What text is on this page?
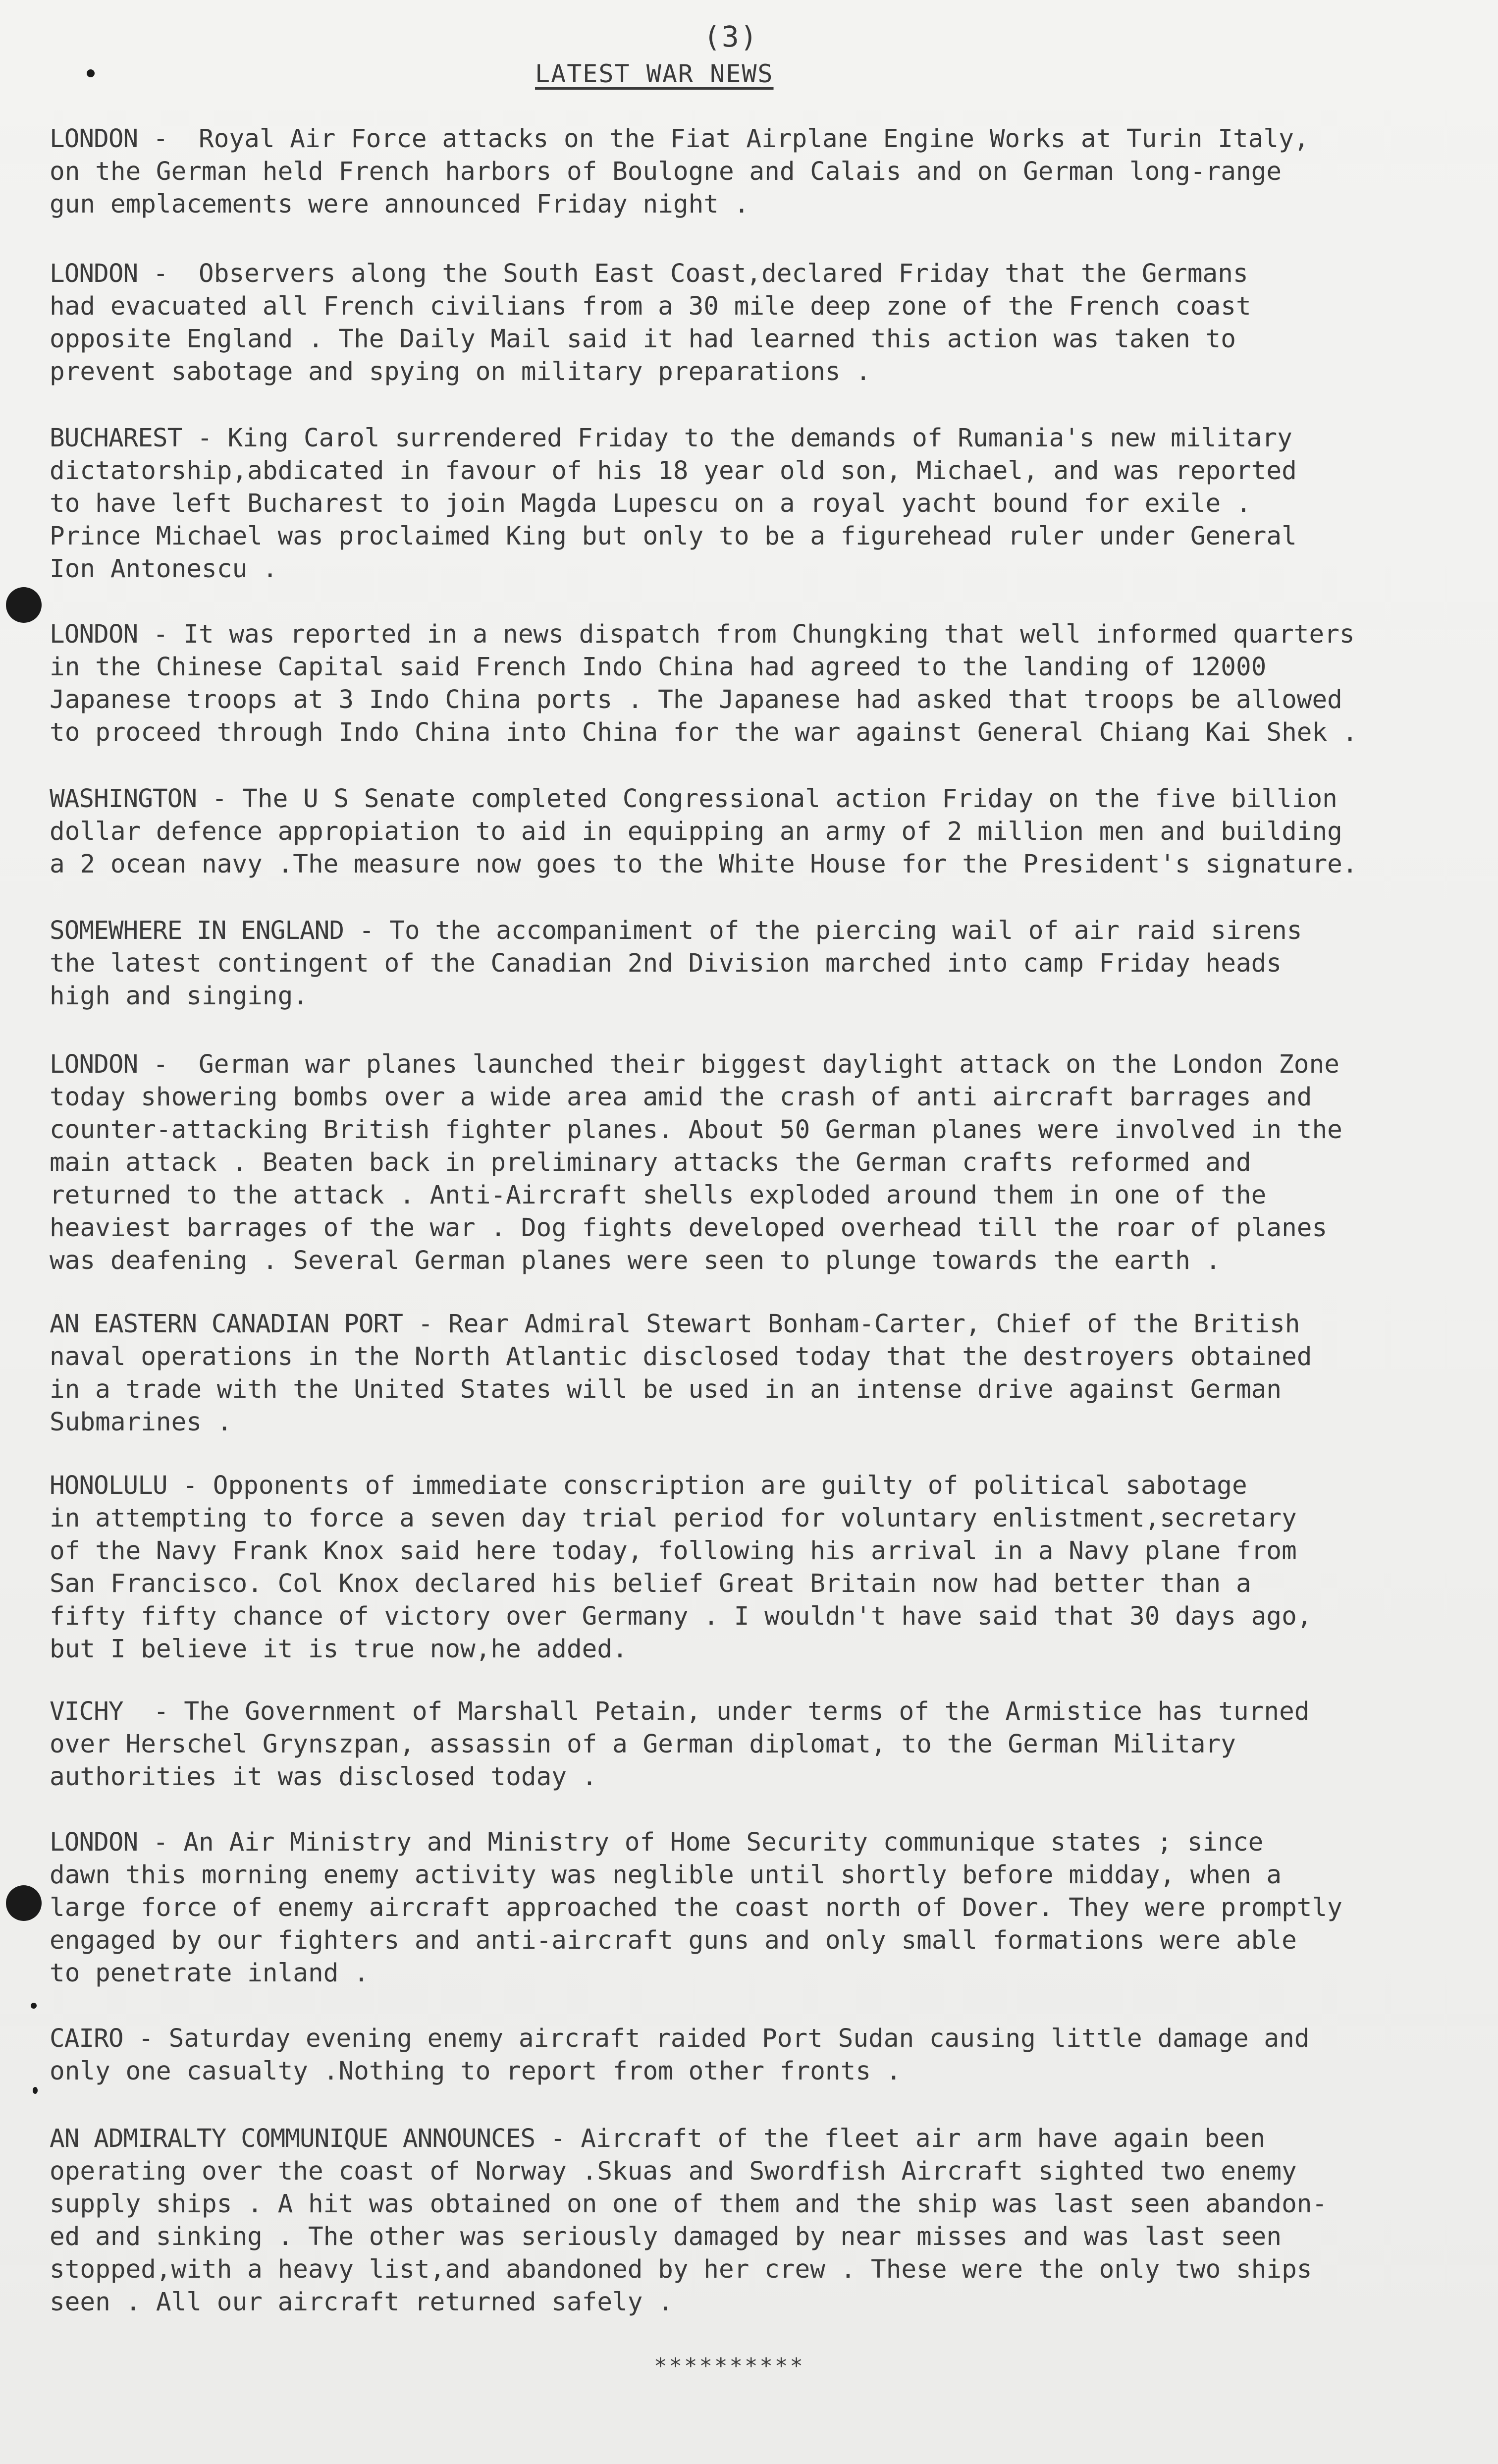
(3)
LATEST WAR NEWS

LONDON -  Royal Air Force attacks on the Fiat Airplane Engine Works at Turin Italy,
on the German held French harbors of Boulogne and Calais and on German long-range
gun emplacements were announced Friday night .

LONDON -  Observers along the South East Coast,declared Friday that the Germans
had evacuated all French civilians from a 30 mile deep zone of the French coast
opposite England . The Daily Mail said it had learned this action was taken to
prevent sabotage and spying on military preparations .

BUCHAREST - King Carol surrendered Friday to the demands of Rumania's new military
dictatorship,abdicated in favour of his 18 year old son, Michael, and was reported
to have left Bucharest to join Magda Lupescu on a royal yacht bound for exile .
Prince Michael was proclaimed King but only to be a figurehead ruler under General
Ion Antonescu .

LONDON - It was reported in a news dispatch from Chungking that well informed quarters
in the Chinese Capital said French Indo China had agreed to the landing of 12000
Japanese troops at 3 Indo China ports . The Japanese had asked that troops be allowed
to proceed through Indo China into China for the war against General Chiang Kai Shek .

WASHINGTON - The U S Senate completed Congressional action Friday on the five billion
dollar defence appropiation to aid in equipping an army of 2 million men and building
a 2 ocean navy .The measure now goes to the White House for the President's signature.

SOMEWHERE IN ENGLAND - To the accompaniment of the piercing wail of air raid sirens
the latest contingent of the Canadian 2nd Division marched into camp Friday heads
high and singing.

LONDON -  German war planes launched their biggest daylight attack on the London Zone
today showering bombs over a wide area amid the crash of anti aircraft barrages and
counter-attacking British fighter planes. About 50 German planes were involved in the
main attack . Beaten back in preliminary attacks the German crafts reformed and
returned to the attack . Anti-Aircraft shells exploded around them in one of the
heaviest barrages of the war . Dog fights developed overhead till the roar of planes
was deafening . Several German planes were seen to plunge towards the earth .

AN EASTERN CANADIAN PORT - Rear Admiral Stewart Bonham-Carter, Chief of the British
naval operations in the North Atlantic disclosed today that the destroyers obtained
in a trade with the United States will be used in an intense drive against German
Submarines .

HONOLULU - Opponents of immediate conscription are guilty of political sabotage
in attempting to force a seven day trial period for voluntary enlistment,secretary
of the Navy Frank Knox said here today, following his arrival in a Navy plane from
San Francisco. Col Knox declared his belief Great Britain now had better than a
fifty fifty chance of victory over Germany . I wouldn't have said that 30 days ago,
but I believe it is true now,he added.

VICHY  - The Government of Marshall Petain, under terms of the Armistice has turned
over Herschel Grynszpan, assassin of a German diplomat, to the German Military
authorities it was disclosed today .

LONDON - An Air Ministry and Ministry of Home Security communique states ; since
dawn this morning enemy activity was neglible until shortly before midday, when a
large force of enemy aircraft approached the coast north of Dover. They were promptly
engaged by our fighters and anti-aircraft guns and only small formations were able
to penetrate inland .

CAIRO - Saturday evening enemy aircraft raided Port Sudan causing little damage and
only one casualty .Nothing to report from other fronts .

AN ADMIRALTY COMMUNIQUE ANNOUNCES - Aircraft of the fleet air arm have again been
operating over the coast of Norway .Skuas and Swordfish Aircraft sighted two enemy
supply ships . A hit was obtained on one of them and the ship was last seen abandon-
ed and sinking . The other was seriously damaged by near misses and was last seen
stopped,with a heavy list,and abandoned by her crew . These were the only two ships
seen . All our aircraft returned safely .

**********
